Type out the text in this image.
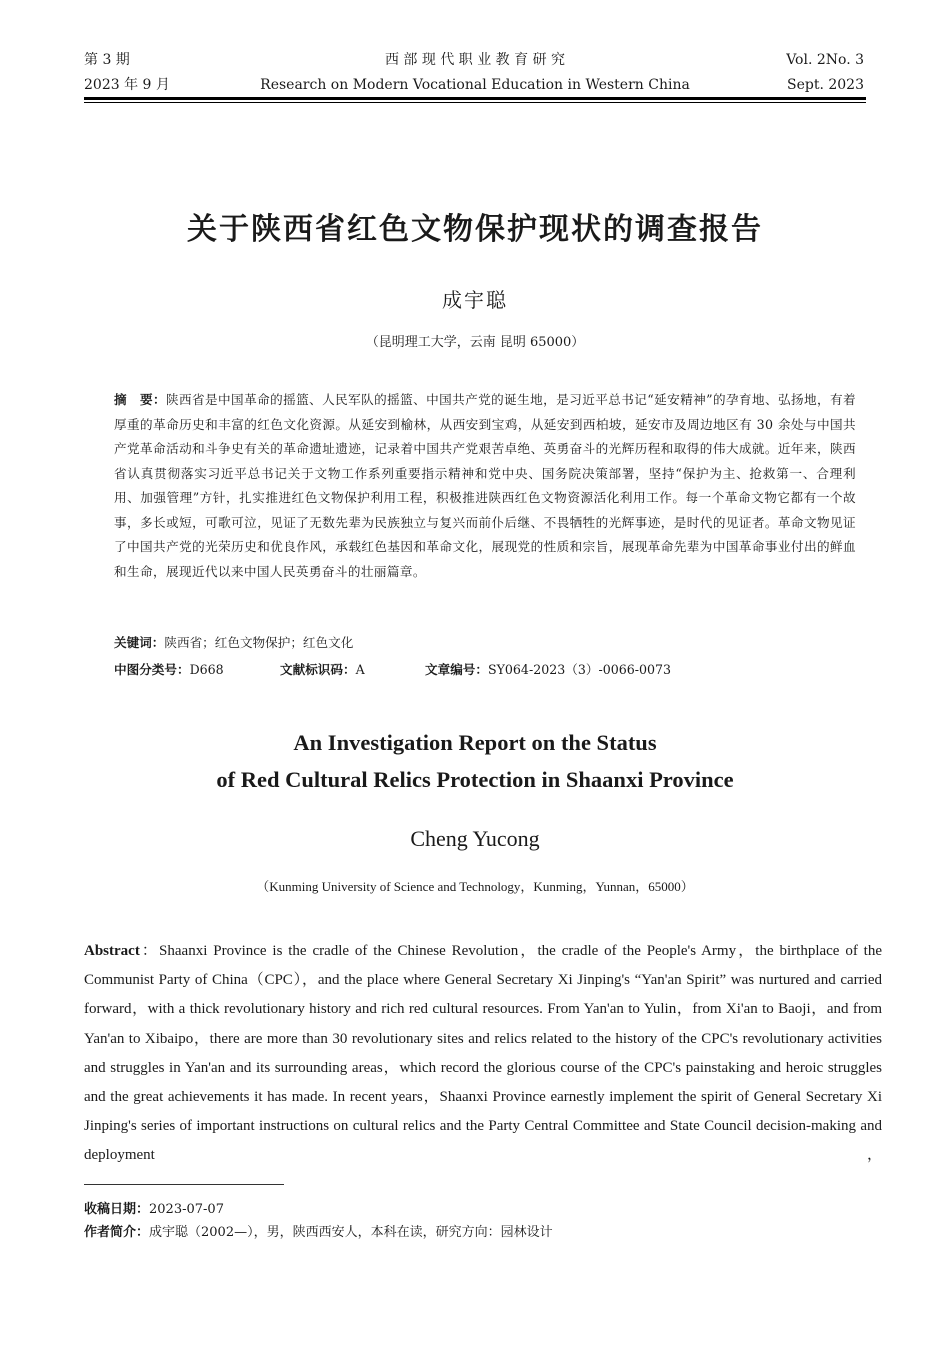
第 3 期
2023 年 9 月
西 部 现 代 职 业 教 育 研 究
Research on Modern Vocational Education in Western China
Vol. 2No. 3
Sept. 2023
关于陕西省红色文物保护现状的调查报告
成宇聪
（昆明理工大学，云南 昆明 65000）
摘　要：陕西省是中国革命的摇篮、人民军队的摇篮、中国共产党的诞生地，是习近平总书记“延安精神”的孕育地、弘扬地，有着厚重的革命历史和丰富的红色文化资源。从延安到榆林，从西安到宝鸡，从延安到西柏坡，延安市及周边地区有 30 余处与中国共产党革命活动和斗争史有关的革命遗址遗迹，记录着中国共产党艰苦卓绝、英勇奋斗的光辉历程和取得的伟大成就。近年来，陕西省认真贯彻落实习近平总书记关于文物工作系列重要指示精神和党中央、国务院决策部署，坚持“保护为主、抢救第一、合理利用、加强管理”方针，扎实推进红色文物保护利用工程，积极推进陕西红色文物资源活化利用工作。每一个革命文物它都有一个故事，多长或短，可歌可泣，见证了无数先辈为民族独立与复兴而前仆后继、不畏牺牲的光辉事迹，是时代的见证者。革命文物见证了中国共产党的光荣历史和优良作风，承载红色基因和革命文化，展现党的性质和宗旨，展现革命先辈为中国革命事业付出的鲜血和生命，展现近代以来中国人民英勇奋斗的壮丽篇章。
关键词：陕西省；红色文物保护；红色文化
中图分类号：D668	文献标识码：A	文章编号：SY064-2023（3）-0066-0073
An Investigation Report on the Status
of Red Cultural Relics Protection in Shaanxi Province
Cheng Yucong
（Kunming University of Science and Technology，Kunming，Yunnan，65000）
Abstract：Shaanxi Province is the cradle of the Chinese Revolution，the cradle of the People's Army，the birthplace of the Communist Party of China（CPC），and the place where General Secretary Xi Jinping's “Yan'an Spirit” was nurtured and carried forward，with a thick revolutionary history and rich red cultural resources. From Yan'an to Yulin，from Xi'an to Baoji，and from Yan'an to Xibaipo，there are more than 30 revolutionary sites and relics related to the history of the CPC's revolutionary activities and struggles in Yan'an and its surrounding areas，which record the glorious course of the CPC's painstaking and heroic struggles and the great achievements it has made. In recent years，Shaanxi Province earnestly implement the spirit of General Secretary Xi Jinping's series of important instructions on cultural relics and the Party Central Committee and State Council decision-making and deployment，
收稿日期：2023-07-07
作者简介：成宇聪（2002—），男，陕西西安人，本科在读，研究方向：园林设计
